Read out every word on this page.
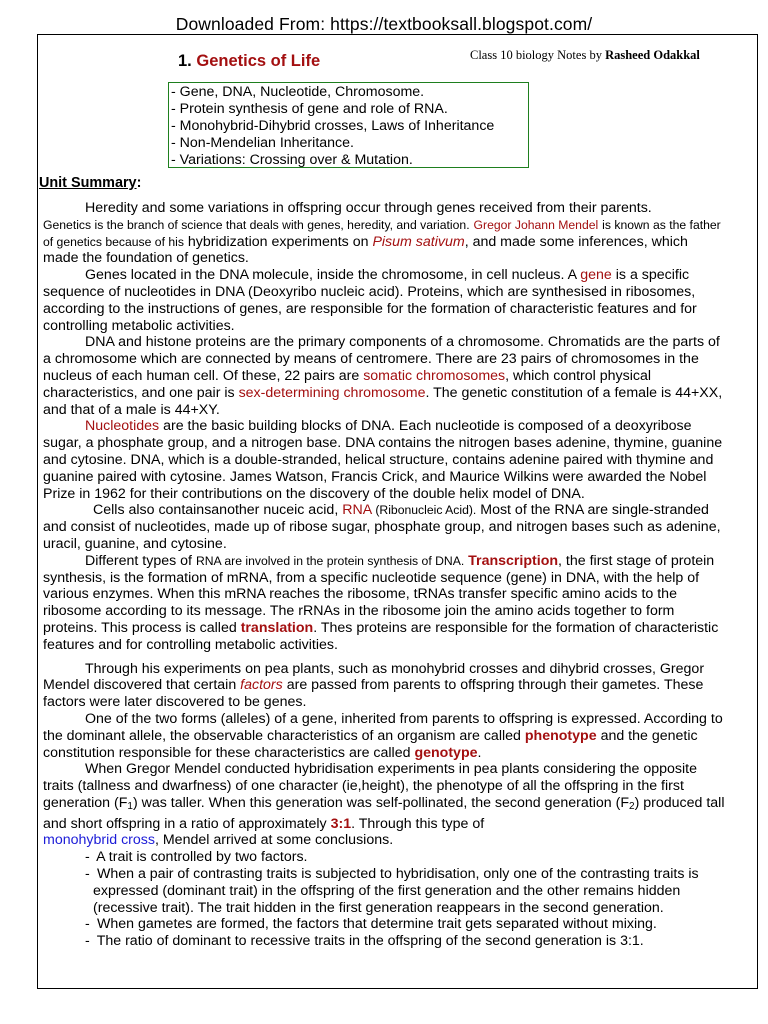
Downloaded From: https://textbooksall.blogspot.com/
1. Genetics of Life	Class 10 biology Notes by Rasheed Odakkal
- Gene, DNA, Nucleotide, Chromosome.
- Protein synthesis of gene and role of RNA.
- Monohybrid-Dihybrid crosses, Laws of Inheritance
- Non-Mendelian Inheritance.
- Variations: Crossing over & Mutation.
Unit Summary:

Heredity and some variations in offspring occur through genes received from their parents.

Genetics is the branch of science that deals with genes, heredity, and variation. Gregor Johann Mendel is known as the father of genetics because of his hybridization experiments on Pisum sativum, and made some inferences, which made the foundation of genetics.

Genes located in the DNA molecule, inside the chromosome, in cell nucleus. A gene is a specific sequence of nucleotides in DNA (Deoxyribo nucleic acid). Proteins, which are synthesised in ribosomes, according to the instructions of genes, are responsible for the formation of characteristic features and for controlling metabolic activities.

DNA and histone proteins are the primary components of a chromosome. Chromatids are the parts of a chromosome which are connected by means of centromere. There are 23 pairs of chromosomes in the nucleus of each human cell. Of these, 22 pairs are somatic chromosomes, which control physical characteristics, and one pair is sex-determining chromosome. The genetic constitution of a female is 44+XX, and that of a male is 44+XY.

Nucleotides are the basic building blocks of DNA. Each nucleotide is composed of a deoxyribose sugar, a phosphate group, and a nitrogen base. DNA contains the nitrogen bases adenine, thymine, guanine and cytosine. DNA, which is a double-stranded, helical structure, contains adenine paired with thymine and guanine paired with cytosine. James Watson, Francis Crick, and Maurice Wilkins were awarded the Nobel Prize in 1962 for their contributions on the discovery of the double helix model of DNA.

Cells also containsanother nuceic acid, RNA (Ribonucleic Acid). Most of the RNA are single-stranded and consist of nucleotides, made up of ribose sugar, phosphate group, and nitrogen bases such as adenine, uracil, guanine, and cytosine.

Different types of RNA are involved in the protein synthesis of DNA. Transcription, the first stage of protein synthesis, is the formation of mRNA, from a specific nucleotide sequence (gene) in DNA, with the help of various enzymes. When this mRNA reaches the ribosome, tRNAs transfer specific amino acids to the ribosome according to its message. The rRNAs in the ribosome join the amino acids together to form proteins. This process is called translation. Thes proteins are responsible for the formation of characteristic features and for controlling metabolic activities.

Through his experiments on pea plants, such as monohybrid crosses and dihybrid crosses, Gregor Mendel discovered that certain factors are passed from parents to offspring through their gametes. These factors were later discovered to be genes.

One of the two forms (alleles) of a gene, inherited from parents to offspring is expressed. According to the dominant allele, the observable characteristics of an organism are called phenotype and the genetic constitution responsible for these characteristics are called genotype.

When Gregor Mendel conducted hybridisation experiments in pea plants considering the opposite traits (tallness and dwarfness) of one character (ie,height), the phenotype of all the offspring in the first generation $(F_1)$ was taller. When this generation was self-pollinated, the second generation $(F_2)$ produced tall and short offspring in a ratio of approximately 3:1. Through this type of
monohybrid cross, Mendel arrived at some conclusions.

- A trait is controlled by two factors.
- When a pair of contrasting traits is subjected to hybridisation, only one of the contrasting traits is expressed (dominant trait) in the offspring of the first generation and the other remains hidden (recessive trait). The trait hidden in the first generation reappears in the second generation.
- When gametes are formed, the factors that determine trait gets separated without mixing.
- The ratio of dominant to recessive traits in the offspring of the second generation is 3:1.
